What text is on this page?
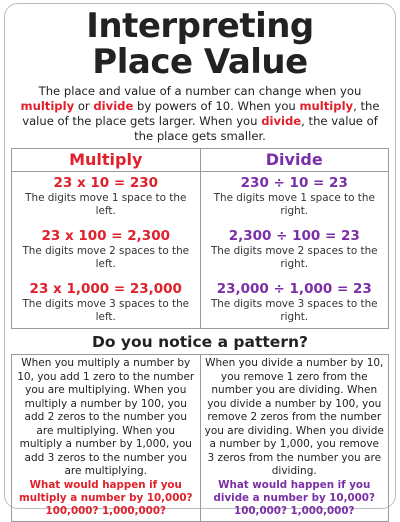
Interpreting
Place Value

The place and value of a number can change when you multiply or divide by powers of 10. When you multiply, the value of the place gets larger. When you divide, the value of the place gets smaller.

Multiply	Divide
23 x 10 = 230
The digits move 1 space to the left.
23 x 100 = 2,300
The digits move 2 spaces to the left.
23 x 1,000 = 23,000
The digits move 3 spaces to the left.
230 ÷ 10 = 23
The digits move 1 space to the right.
2,300 ÷ 100 = 23
The digits move 2 spaces to the right.
23,000 ÷ 1,000 = 23
The digits move 3 spaces to the right.
Do you notice a pattern?
When you multiply a number by 10, you add 1 zero to the number you are multiplying. When you multiply a number by 100, you add 2 zeros to the number you are multiplying. When you multiply a number by 1,000, you add 3 zeros to the number you are multiplying.
What would happen if you multiply a number by 10,000? 100,000? 1,000,000?
When you divide a number by 10, you remove 1 zero from the number you are dividing. When you divide a number by 100, you remove 2 zeros from the number you are dividing. When you divide a number by 1,000, you remove 3 zeros from the number you are dividing.
What would happen if you divide a number by 10,000? 100,000? 1,000,000?
